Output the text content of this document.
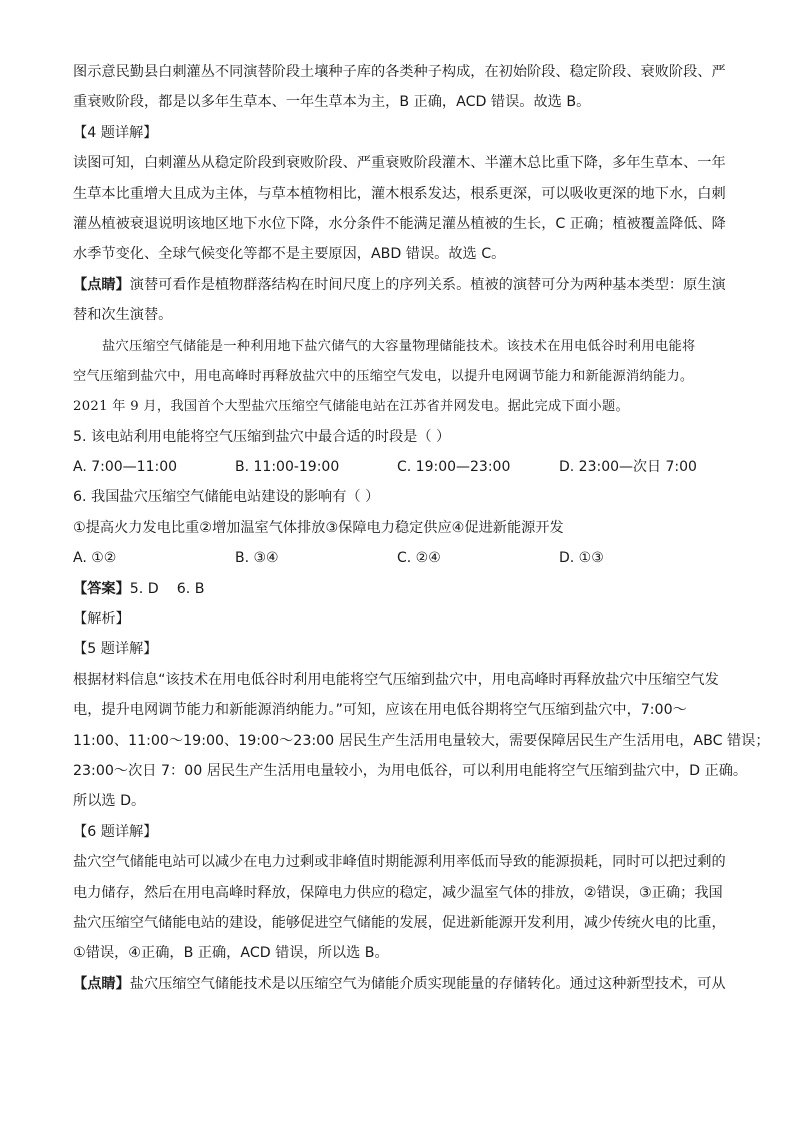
图示意民勤县白刺灌丛不同演替阶段土壤种子库的各类种子构成，在初始阶段、稳定阶段、衰败阶段、严
重衰败阶段，都是以多年生草本、一年生草本为主，B 正确，ACD 错误。故选 B。
【4 题详解】
读图可知，白刺灌丛从稳定阶段到衰败阶段、严重衰败阶段灌木、半灌木总比重下降，多年生草本、一年
生草本比重增大且成为主体，与草本植物相比，灌木根系发达，根系更深，可以吸收更深的地下水，白刺
灌丛植被衰退说明该地区地下水位下降，水分条件不能满足灌丛植被的生长，C 正确；植被覆盖降低、降
水季节变化、全球气候变化等都不是主要原因，ABD 错误。故选 C。
【点睛】演替可看作是植物群落结构在时间尺度上的序列关系。植被的演替可分为两种基本类型：原生演
替和次生演替。
盐穴压缩空气储能是一种利用地下盐穴储气的大容量物理储能技术。该技术在用电低谷时利用电能将
空气压缩到盐穴中，用电高峰时再释放盐穴中的压缩空气发电，以提升电网调节能力和新能源消纳能力。
2021 年 9 月，我国首个大型盐穴压缩空气储能电站在江苏省并网发电。据此完成下面小题。
5. 该电站利用电能将空气压缩到盐穴中最合适的时段是（ ）
A. 7:00—11:00	B. 11:00-19:00	C. 19:00—23:00	D. 23:00—次日 7:00
6. 我国盐穴压缩空气储能电站建设的影响有（ ）
①提高火力发电比重②增加温室气体排放③保障电力稳定供应④促进新能源开发
A. ①②	B. ③④	C. ②④	D. ①③
【答案】5. D 6. B
【解析】
【5 题详解】
根据材料信息“该技术在用电低谷时利用电能将空气压缩到盐穴中，用电高峰时再释放盐穴中压缩空气发
电，提升电网调节能力和新能源消纳能力。”可知，应该在用电低谷期将空气压缩到盐穴中，7:00～
11:00、11:00～19:00、19:00～23:00 居民生产生活用电量较大，需要保障居民生产生活用电，ABC 错误；
23:00～次日 7：00 居民生产生活用电量较小，为用电低谷，可以利用电能将空气压缩到盐穴中，D 正确。
所以选 D。
【6 题详解】
盐穴空气储能电站可以减少在电力过剩或非峰值时期能源利用率低而导致的能源损耗，同时可以把过剩的
电力储存，然后在用电高峰时释放，保障电力供应的稳定，减少温室气体的排放，②错误，③正确；我国
盐穴压缩空气储能电站的建设，能够促进空气储能的发展，促进新能源开发利用，减少传统火电的比重，
①错误，④正确，B 正确，ACD 错误，所以选 B。
【点睛】盐穴压缩空气储能技术是以压缩空气为储能介质实现能量的存储转化。通过这种新型技术，可从
